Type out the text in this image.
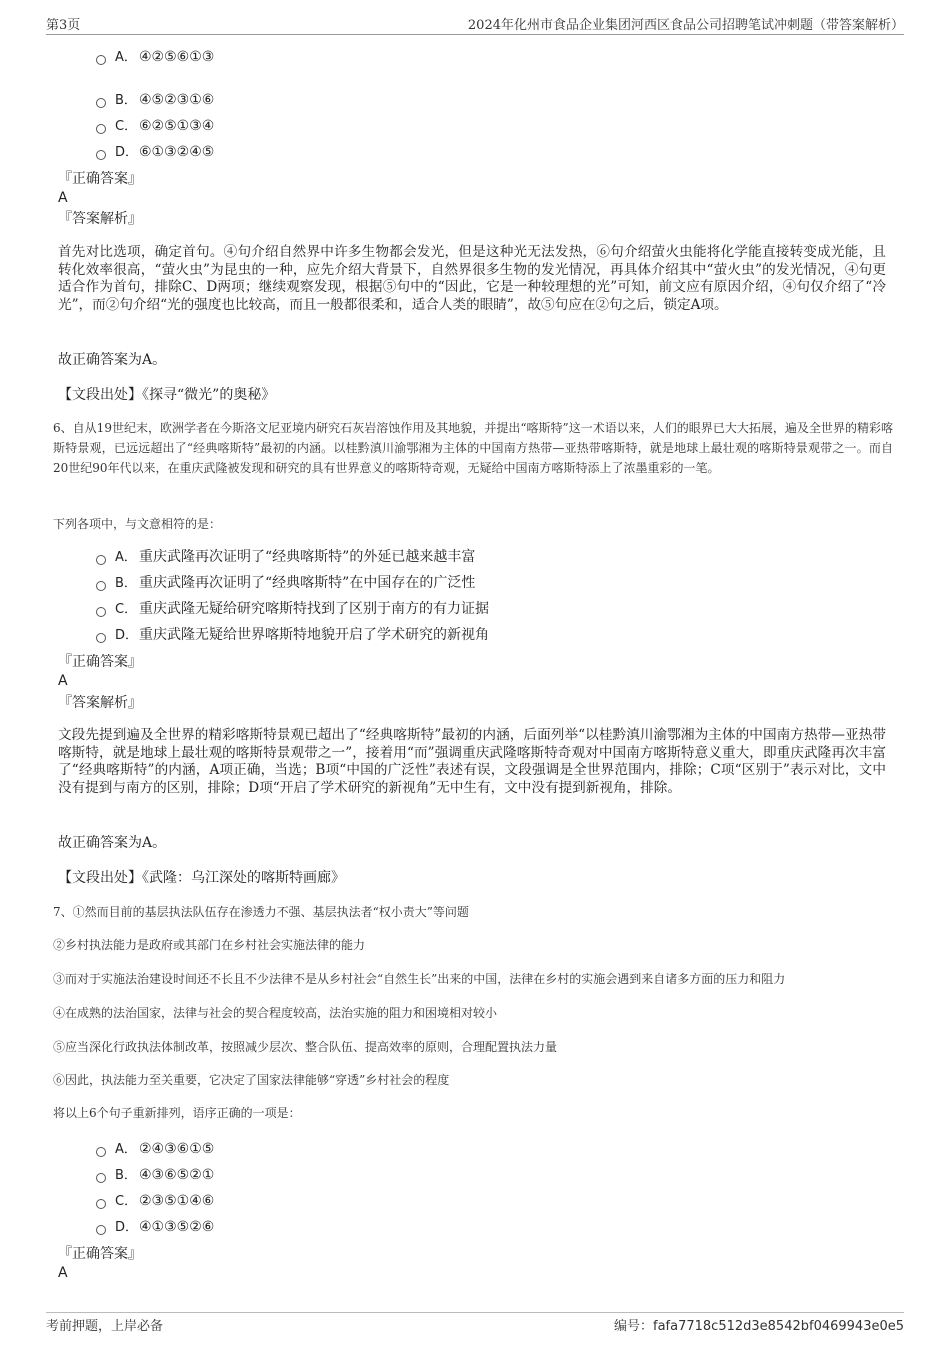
第3页	2024年化州市食品企业集团河西区食品公司招聘笔试冲刺题（带答案解析）
A． ④②⑤⑥①③
B． ④⑤②③①⑥
C． ⑥②⑤①③④
D．⑥①③②④⑤
『正确答案』
A
『答案解析』
首先对比选项，确定首句。④句介绍自然界中许多生物都会发光，但是这种光无法发热，⑥句介绍萤火虫能将化学能直接转变成光能，且转化效率很高，“萤火虫”为昆虫的一种，应先介绍大背景下，自然界很多生物的发光情况，再具体介绍其中“萤火虫”的发光情况，④句更适合作为首句，排除C、D两项；继续观察发现，根据⑤句中的“因此，它是一种较理想的光”可知，前文应有原因介绍，④句仅介绍了“冷光”，而②句介绍“光的强度也比较高，而且一般都很柔和，适合人类的眼睛”，故⑤句应在②句之后，锁定A项。
故正确答案为A。
【文段出处】《探寻“微光”的奥秘》
6、自从19世纪末，欧洲学者在今斯洛文尼亚境内研究石灰岩溶蚀作用及其地貌，并提出“喀斯特”这一术语以来，人们的眼界已大大拓展，遍及全世界的精彩喀斯特景观，已远远超出了“经典喀斯特”最初的内涵。以桂黔滇川渝鄂湘为主体的中国南方热带—亚热带喀斯特，就是地球上最壮观的喀斯特景观带之一。而自20世纪90年代以来，在重庆武隆被发现和研究的具有世界意义的喀斯特奇观，无疑给中国南方喀斯特添上了浓墨重彩的一笔。
下列各项中，与文意相符的是：
A． 重庆武隆再次证明了“经典喀斯特”的外延已越来越丰富
B． 重庆武隆再次证明了“经典喀斯特”在中国存在的广泛性
C． 重庆武隆无疑给研究喀斯特找到了区别于南方的有力证据
D．重庆武隆无疑给世界喀斯特地貌开启了学术研究的新视角
『正确答案』
A
『答案解析』
文段先提到遍及全世界的精彩喀斯特景观已超出了“经典喀斯特”最初的内涵，后面列举“以桂黔滇川渝鄂湘为主体的中国南方热带—亚热带喀斯特，就是地球上最壮观的喀斯特景观带之一”，接着用“而”强调重庆武隆喀斯特奇观对中国南方喀斯特意义重大，即重庆武隆再次丰富了“经典喀斯特”的内涵，A项正确，当选；B项“中国的广泛性”表述有误，文段强调是全世界范围内，排除；C项“区别于”表示对比，文中没有提到与南方的区别，排除；D项“开启了学术研究的新视角”无中生有，文中没有提到新视角，排除。
故正确答案为A。
【文段出处】《武隆：乌江深处的喀斯特画廊》
7、①然而目前的基层执法队伍存在渗透力不强、基层执法者“权小责大”等问题
②乡村执法能力是政府或其部门在乡村社会实施法律的能力
③而对于实施法治建设时间还不长且不少法律不是从乡村社会“自然生长”出来的中国，法律在乡村的实施会遇到来自诸多方面的压力和阻力
④在成熟的法治国家，法律与社会的契合程度较高，法治实施的阻力和困境相对较小
⑤应当深化行政执法体制改革，按照减少层次、整合队伍、提高效率的原则，合理配置执法力量
⑥因此，执法能力至关重要，它决定了国家法律能够“穿透”乡村社会的程度
将以上6个句子重新排列，语序正确的一项是：
A． ②④③⑥①⑤
B． ④③⑥⑤②①
C． ②③⑤①④⑥
D．④①③⑤②⑥
『正确答案』
A
考前押题，上岸必备	编号：fafa7718c512d3e8542bf0469943e0e5
